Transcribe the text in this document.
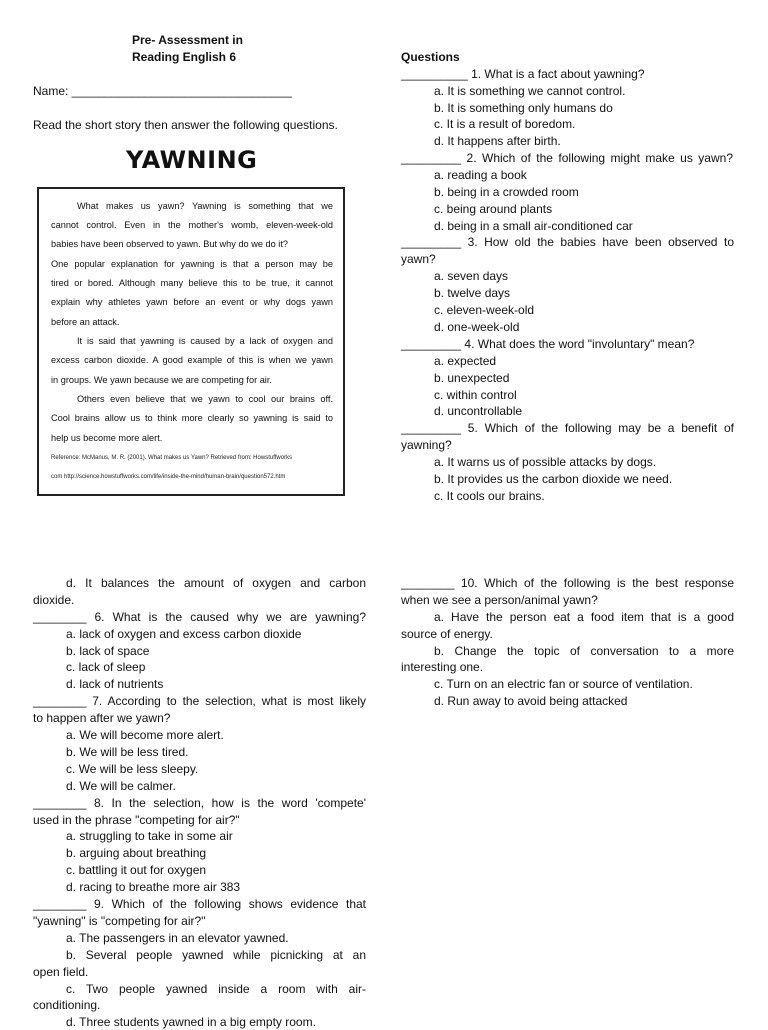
Pre- Assessment in
Reading English 6
Name: _________________________________
Read the short story then answer the following questions.
YAWNING
What makes us yawn? Yawning is something that we
cannot control. Even in the mother's womb, eleven-week-old
babies have been observed to yawn. But why do we do it?
One popular explanation for yawning is that a person may be
tired or bored. Although many believe this to be true, it cannot
explain why athletes yawn before an event or why dogs yawn
before an attack.
It is said that yawning is caused by a lack of oxygen and
excess carbon dioxide. A good example of this is when we yawn
in groups. We yawn because we are competing for air.
Others even believe that we yawn to cool our brains off.
Cool brains allow us to think more clearly so yawning is said to
help us become more alert.
Reference: McManus, M. R. (2001). What makes us Yawn? Retrieved from: Howstuffworks
com http://science.howstuffworks.com/life/inside-the-mind/human-brain/question572.htm
Questions
__________ 1. What is a fact about yawning?
a. It is something we cannot control.
b. It is something only humans do
c. It is a result of boredom.
d. It happens after birth.
_________ 2. Which of the following might make us yawn?
a. reading a book
b. being in a crowded room
c. being around plants
d. being in a small air-conditioned car
_________ 3. How old the babies have been observed to
yawn?
a. seven days
b. twelve days
c. eleven-week-old
d. one-week-old
_________ 4. What does the word "involuntary" mean?
a. expected
b. unexpected
c. within control
d. uncontrollable
_________ 5. Which of the following may be a benefit of
yawning?
a. It warns us of possible attacks by dogs.
b. It provides us the carbon dioxide we need.
c. It cools our brains.
d. It balances the amount of oxygen and carbon
dioxide.
________ 6. What is the caused why we are yawning?
a. lack of oxygen and excess carbon dioxide
b. lack of space
c. lack of sleep
d. lack of nutrients
________ 7. According to the selection, what is most likely
to happen after we yawn?
a. We will become more alert.
b. We will be less tired.
c. We will be less sleepy.
d. We will be calmer.
________ 8. In the selection, how is the word 'compete'
used in the phrase "competing for air?"
a. struggling to take in some air
b. arguing about breathing
c. battling it out for oxygen
d. racing to breathe more air 383
________ 9. Which of the following shows evidence that
"yawning" is "competing for air?"
a. The passengers in an elevator yawned.
b. Several people yawned while picnicking at an
open field.
c. Two people yawned inside a room with air-
conditioning.
d. Three students yawned in a big empty room.
________ 10. Which of the following is the best response
when we see a person/animal yawn?
a. Have the person eat a food item that is a good
source of energy.
b. Change the topic of conversation to a more
interesting one.
c. Turn on an electric fan or source of ventilation.
d. Run away to avoid being attacked
